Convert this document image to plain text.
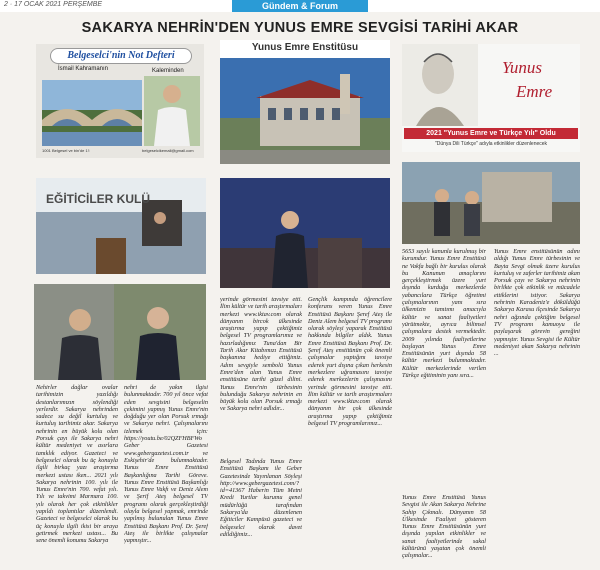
2 · 17 OCAK 2021 PERŞEMBE	Gündem & Forum
SAKARYA NEHRİN'DEN YUNUS EMRE SEVGİSİ TARİHİ AKAR
Belgeselci'nin Not Defteri
İsmail Kahramanın	Kaleminden
1001 Belgesel ve bin'de 1'i	belgeselcikemall@gmail.com
Yunus Emre Enstitüsu
Yunus
Emre
2021 "Yunus Emre ve Türkçe Yılı" Oldu
"Dünya Dili Türkçe" adıyla etkinlikler düzenlenecek
EĞİTİCİLER KULÜ

Nehirler dağlar ovalar tarihimizin yazıldığı destanlarımızın söylendiği yerlerdir. Sakarya nehrinden sadece su değil kurtuluş ve kurtuluş tarihimiz akar. Sakarya nehrinin en büyük kolu olan Porsuk çayı ile Sakarya nehri kültür medeniyet ve asırlara tanıklık ediyor. Gazeteci ve belgeselci olarak bu üç konuyla ilgili birkaç yazı araştırma merkezi ustası iken... 2021 yılı Sakarya nehrinin 100. yılı ile Yunus Emre'nin 700. vefat yılı. Yılı ve takvimi Marmara 100. yılı olarak her çok etkinlikler yapıldı toplantılar düzenlendi. Gazeteci ve belgeselci olarak bu üç konuyla ilgili ikisi bir araya getirmek merkezi ustası... Bu sene önemli konumu Sakarya

nehri de yakın ilgisi bulunmaktadır. 700 yıl önce vefat eden sevgisini belgeselin çekimini yapmış Yunus Emre'nin doğduğu yer olan Porsuk ırmağı ve Sakarya nehri. Çalışmalarını izlemek için: https://youtu.be/02QZFHBFWo Geber Gazetesi www.gebergazetesi.com.tr ve Eskişehir'de bulunmaktadır. Yunus Emre Enstitüsü Başkanlığına Tarihi Göreve. Yunus Emre Enstitüsü Başkanlığı Yunus Emre Vakfı ve Deniz Alem ve Şerif Ateş belgesel TV programı olarak gerçekleştirdiği olayla belgesel yapmak, emrinde yapılmış bulunulan Yunus Emre Enstitüsü Başkanı Prof. Dr. Şeref Ateş ile birlikte çalışmalar yapmıştır...

yerinde görmesini tavsiye etti. İlim kültür ve tarih araştırmaları merkezi www.iktav.com olarak dünyanın bircok ülkesinde araştırma yapıp çektiğimiz belgesel TV programlarımız ve hazırladığımız Tuna'dan Bir Tarih Akar Kitabımızı Enstitüsü başkanına hediye ettiğimiz. Adını sevgiyle sembolü Yunus Emre'den alan Yunus Emre enstitüsüne tarihi güzel dilini. Yunus Emre'nin türbesinin bulunduğu Sakarya nehrinin en büyük kolu olan Porsuk ırmağı ve Sakarya nehri adlıdır...

Belgesel Tadında Yunus Emre Enstitüsü Başkanı ile Geber Gazetesinde Yayınlanan Söyleşi http://www.gebergazetesi.com/?id=41367 Haberin Tüm Metni Kredi Yurtlar kurumu genel müdürlüğü tarafından Sakarya'da düzenlenen Eğiticiler Kampüsü gazeteci ve belgeselci olarak davet edildiğimiz...

Gençlik kampında öğrencilere konferans veren Yunus Emre Enstitüsü Başkanı Şeref Ateş ile Deniz Alem belgesel TV programı olarak söyleşi yaparak Enstitüsü hakkında bilgiler aldık. Yunus Emre Enstitüsü Başkanı Prof. Dr. Şeref Ateş enstitünün çok önemli çalışmalar yaptığını tavsiye ederek yurt dışına çıkan herkesin merkezlere uğramasını tavsiye ederek merkezlerin çalışmasını yerinde görmesini tavsiye etti. İlim kültür ve tarih araştırmaları merkezi www.iktav.com olarak dünyanın bir çok ülkesinde araştırma yapıp çektiğimiz belgesel TV programlarımız...

5653 sayılı kanunla kurulmuş bir kurumdur. Yunus Emre Enstitüsü ne Vakfa bağlı bir kurulus olarak bu Kanunun amaçlarını gerçekleştirmek üzere yurt dışında kurduğu merkezlerde yabancılara Türkçe öğretimi çalışmalarının yanı sıra ülkemizin tanıtımı amacıyla kültür ve sanat faaliyetleri yürütmekte, ayrıca bilimsel çalışmalara destek vermektedir. 2009 yılında faaliyetlerine başlayan Yunus Emre Enstitüsünün yurt dışında 58 kültür merkezi bulunmaktadır. Kültür merkezlerinde verilen Türkçe eğitiminin yanı sıra...

Yunus Emre Enstitüsü Yunus Sevgisi ile Akan Sakarya Nehrine Sahip Çıkmalı. Dünyanın 58 Ülkesinde Faaliyet gösteren Yunus Emre Enstitüsünün yurt dışında yapılan etkinlikler ve sanat faaliyetlerinde sakal kültürünü yaşatan çok önemli çalışmalar...

Yunus Emre enstitüsünün adını aldığı Yunus Emre türbesinin ve Bayta Sevgi olmak üzere kurulus kurtuluş ve zaferler tarihimiz akan Porsuk çayı ve Sakarya nehrinin birlikte çok etkinlik ve mücadele ettiklerini istiyor. Sakarya nehrinin Karadeniz'e döküldüğü Sakarya Karasu ilçesinde Sakarya nehri ağzında çektiğim belgesel TV programı kamuoyu ile paylaşarak görevin gereğini yapmıştır. Yunus Sevgisi ile Kültür medeniyet akan Sakarya nehrinin ...
